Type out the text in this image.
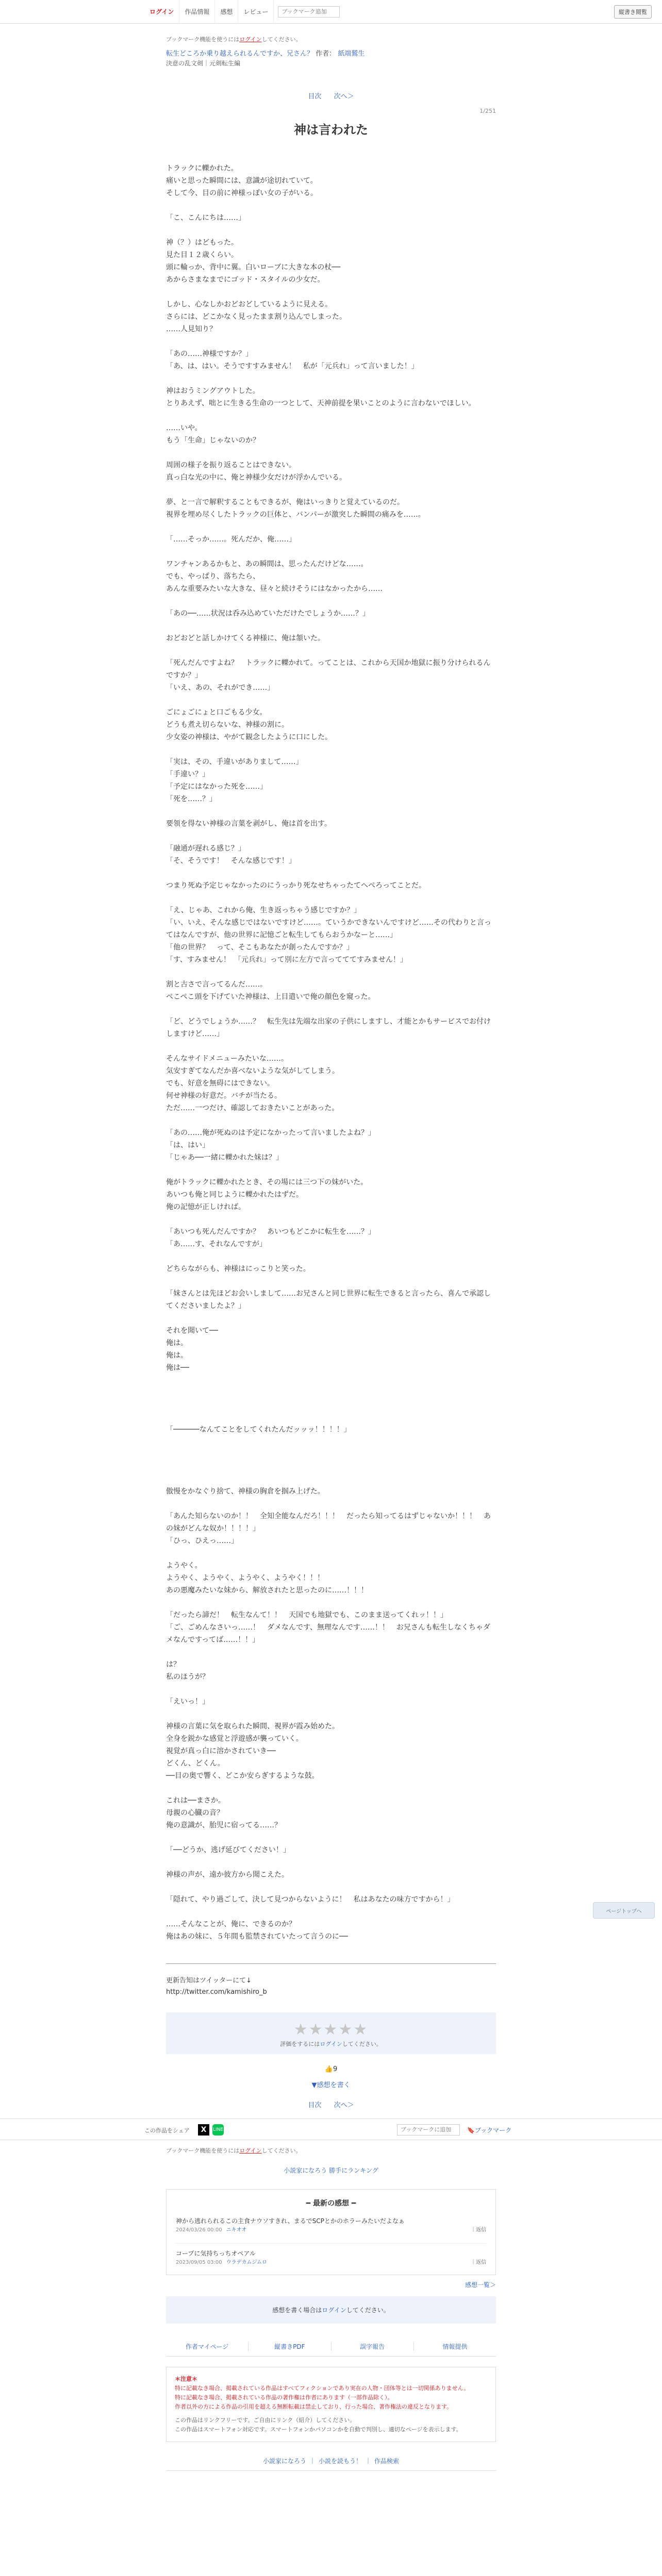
ログイン	作品情報	感想	レビュー
ブックマーク追加	縦書き閲覧
ブックマーク機能を使うにはログインしてください。
転生どころか乗り越えられるんですか、兄さん？ 作者： 紙端鷲生
決意の乱文剣｜元剣転生編
目次 次へ＞
1/251
神は言われた

トラックに轢かれた。

痛いと思った瞬間には、意識が途切れていて。

そして今、目の前に神様っぽい女の子がいる。

「こ、こんにちは……」

神（？）はどもった。

見た目１２歳くらい。

頭に輪っか、背中に翼。白いローブに大きな本の杖──

あからさまなまでにゴッド・スタイルの少女だ。

しかし、心なしかおどおどしているように見える。

さらには、どこかなく見ったまま割り込んでしまった。

……人見知り？

「あの……神様ですか？」

「あ、は、はい。そうですすみません！　私が「元兵れ」って言いました！」

神はおうミングアウトした。

とりあえず、咄とに生きる生命の一つとして、天神前提を果いことのように言わないでほしい。

……いや。

もう「生命」じゃないのか？

周囲の様子を振り返ることはできない。

真っ白な光の中に、俺と神様少女だけが浮かんでいる。

夢、と一言で解釈することもできるが、俺はいっきりと覚えているのだ。

視界を埋め尽くしたトラックの巨体と、バンパーが激突した瞬間の痛みを……。

「……そっか……。死んだか、俺……」

ワンチャンあるかもと、あの瞬間は、思ったんだけどな……。

でも、やっぱり、落ちたら、

あんな重要みたいな大きな、昼々と続けそうにはなかったから……

「あの──……状況は呑み込めていただけたでしょうか……？」

おどおどと話しかけてくる神様に、俺は頷いた。

「死んだんですよね？　トラックに轢かれて。ってことは、これから天国か地獄に振り分けられるんですか？」

「いえ、あの、それができ……」

ごにょごにょと口ごもる少女。

どうも煮え切らないな、神様の割に。

少女姿の神様は、やがて観念したように口にした。

「実は、その、手違いがありまして……」

「手違い？」

「予定にはなかった死を……」

「死を……？」

要領を得ない神様の言葉を剥がし、俺は首を出す。

「融通が遅れる感じ？」

「そ、そうです！　そんな感じです！」

つまり死ぬ予定じゃなかったのにうっかり死なせちゃったてへぺろってことだ。

「え、じゃあ、これから俺、生き返っちゃう感じですか？」

「い、いえ、そんな感じではないですけど……。ていうかできないんですけど……その代わりと言ってはなんですが、他の世界に記憶ごと転生してもらおうかなーと……」

「他の世界？　って、そこもあなたが創ったんですか？」

「す、すみません！　「元兵れ」って別に左方で言ってててすみません！」

割と古さで言ってるんだ……。

ぺこぺこ頭を下げていた神様は、上目遣いで俺の顔色を窺った。

「ど、どうでしょうか……？　転生先は先端な出家の子供にしますし、才能とかもサービスでお付けしますけど……」

そんなサイドメニューみたいな……。

気安すぎてなんだか喜べないような気がしてしまう。

でも、好意を無碍にはできない。

何せ神様の好意だ。バチが当たる。

ただ……一つだけ、確認しておきたいことがあった。

「あの……俺が死ぬのは予定になかったって言いましたよね？」

「は、はい」

「じゃあ──一緒に轢かれた妹は？」

俺がトラックに轢かれたとき、その場には三つ下の妹がいた。

あいつも俺と同じように轢かれたはずだ。

俺の記憶が正しければ。

「あいつも死んだんですか？　あいつもどこかに転生を……？」

「あ……す、それなんですが」

どちらながらも、神様はにっこりと笑った。

「妹さんとは先ほどお会いしまして……お兄さんと同じ世界に転生できると言ったら、喜んで承認してくださいましたよ？」

それを聞いて──

俺は。

俺は。

俺は──

「──────なんてことをしてくれたんだッッッ！！！！」

傲慢をかなぐり捨て、神様の胸倉を掴み上げた。

「あんた知らないのか！！　全知全能なんだろ！！！　だったら知ってるはずじゃないか！！！　あの妹がどんな奴か！！！！」

「ひっ、ひえっ……」

ようやく。

ようやく、ようやく、ようやく、ようやく！！！

あの悪魔みたいな妹から、解放されたと思ったのに……！！！

「だったら諦だ！　転生なんて！！　天国でも地獄でも、このまま送ってくれッ！！」

「ご、ごめんなさいっ……！　ダメなんです、無理なんです……！！　お兄さんも転生しなくちゃダメなんですってば……！！」

は？

私のほうが？

「えいっ！」

神様の言葉に気を取られた瞬間、視界が霞み始めた。

全身を鋭かな感覚と浮遊感が襲っていく。

視覚が真っ白に溶かされていき──

どくん、どくん。

──目の奥で響く、どこか安らぎするような鼓。

これは──まさか。

母親の心臓の音？

俺の意識が、胎児に宿ってる……？

「──どうか、逃げ延びてください！」

神様の声が、遠か彼方から聞こえた。

「隠れて、やり過ごして、決して見つからないように！　私はあなたの味方ですから！」

……そんなことが、俺に、できるのか？

俺はあの妹に、５年間も監禁されていたって言うのに──

更新告知はツイッターにて↓
http://twitter.com/kamishiro_b
★★★★★
評価をするにはログインしてください。
👍9
▼感想を書く
目次 次へ＞
この作品をシェア	X	LINE
ブックマークに追加	🔖ブックマーク
ブックマーク機能を使うにはログインしてください。
小説家になろう 勝手にランキング
━ 最新の感想 ━
神から逃れられるこの主食ナウソすきれ、まるでSCPとかのホラーみたいだよなぁ
2024/03/26 00:00 ニキオオ	｜返信
コープに気持ちっちオペアル
2023/09/05 03:00 ウラデカムジムロ	｜返信
感想一覧＞
感想を書く場合はログインしてください。
作者マイページ	縦書きPDF	誤字報告	情報提供
＊注意＊
特に記載なき場合、掲載されている作品はすべてフィクションであり実在の人物・団体等とは一切関係ありません。
特に記載なき場合、掲載されている作品の著作権は作者にあります（一部作品除く）。
作者以外の方による作品の引用を超える無断転載は禁止しており、行った場合、著作権法の違反となります。
この作品はリンクフリーです。ご自由にリンク（紹介）してください。
この作品はスマートフォン対応です。スマートフォンかパソコンかを自動で判別し、適切なページを表示します。
小説家になろう ｜ 小説を読もう！ ｜ 作品検索
ページトップへ
